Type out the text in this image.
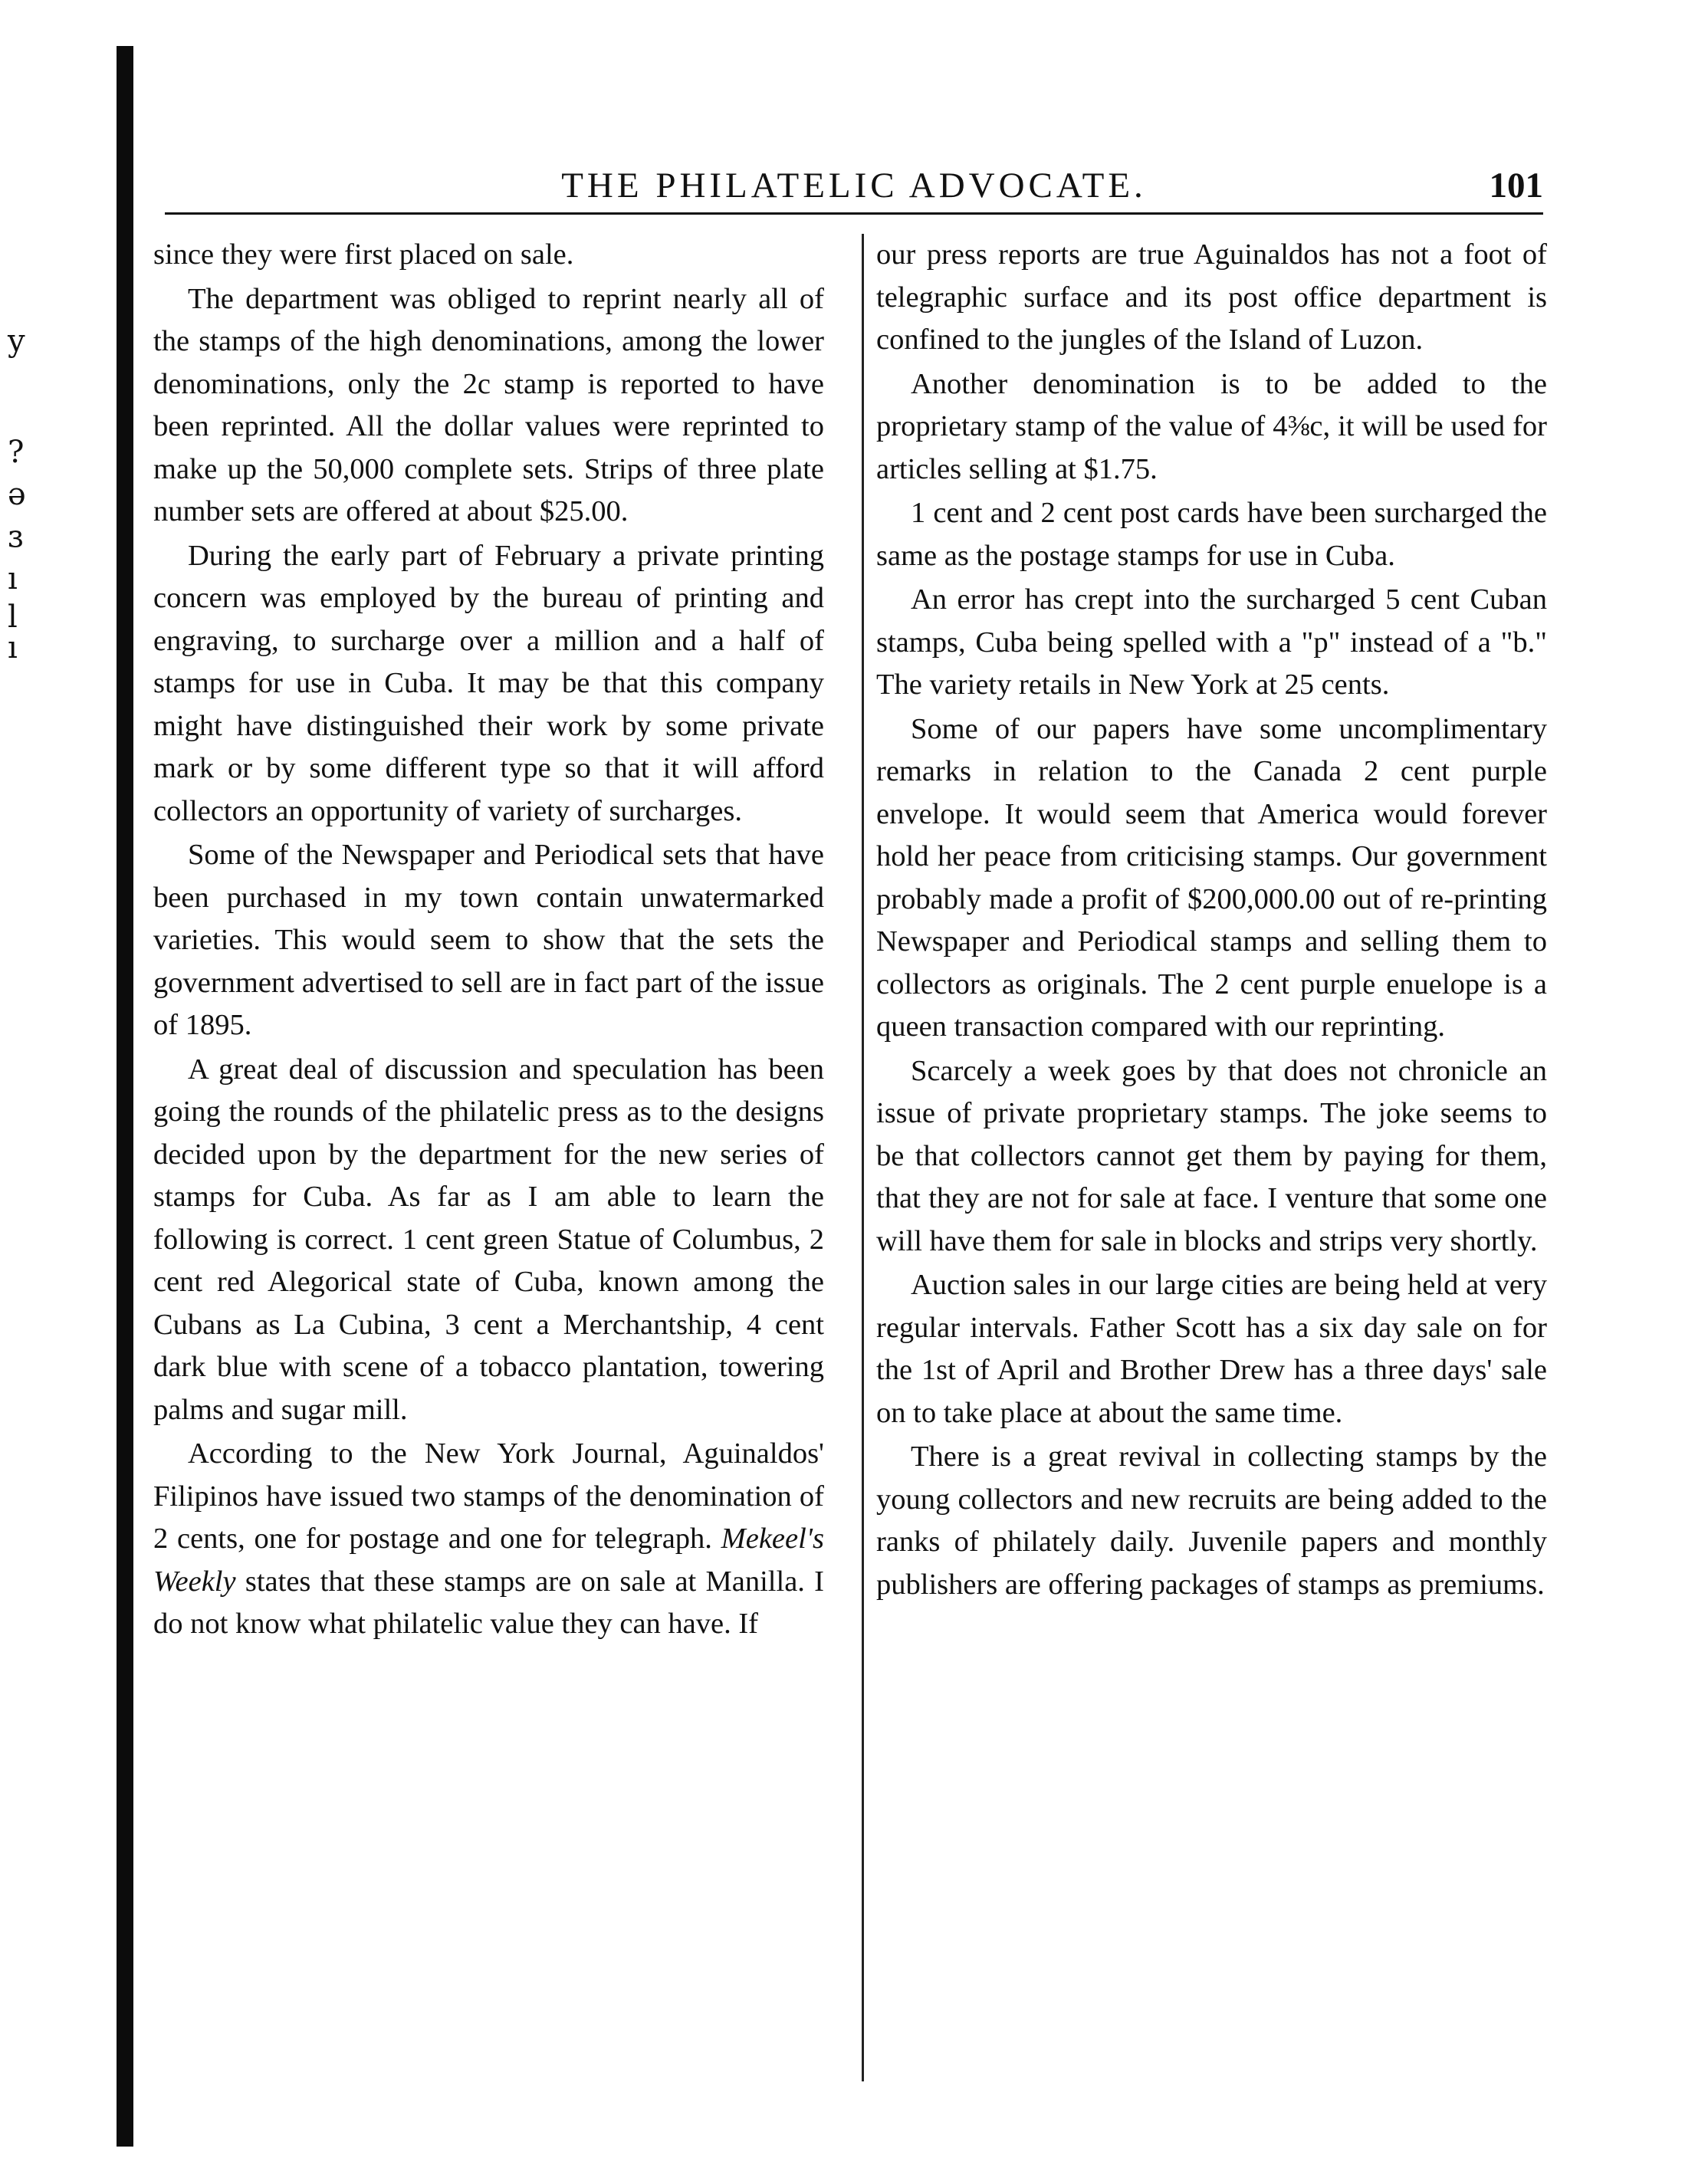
y
?
ə
ɜ
ı
l
ı
THE PHILATELIC ADVOCATE.	101

since they were first placed on sale.

The department was obliged to reprint nearly all of the stamps of the high denominations, among the lower denominations, only the 2c stamp is reported to have been reprinted. All the dollar values were reprinted to make up the 50,000 complete sets. Strips of three plate number sets are offered at about $25.00.

During the early part of February a private printing concern was employed by the bureau of printing and engraving, to surcharge over a million and a half of stamps for use in Cuba. It may be that this company might have distinguished their work by some private mark or by some different type so that it will afford collectors an opportunity of variety of surcharges.

Some of the Newspaper and Periodical sets that have been purchased in my town contain unwatermarked varieties. This would seem to show that the sets the government advertised to sell are in fact part of the issue of 1895.

A great deal of discussion and speculation has been going the rounds of the philatelic press as to the designs decided upon by the department for the new series of stamps for Cuba. As far as I am able to learn the following is correct. 1 cent green Statue of Columbus, 2 cent red Alegorical state of Cuba, known among the Cubans as La Cubina, 3 cent a Merchantship, 4 cent dark blue with scene of a tobacco plantation, towering palms and sugar mill.

According to the New York Journal, Aguinaldos' Filipinos have issued two stamps of the denomination of 2 cents, one for postage and one for telegraph. Mekeel's Weekly states that these stamps are on sale at Manilla. I do not know what philatelic value they can have. If

our press reports are true Aguinaldos has not a foot of telegraphic surface and its post office department is confined to the jungles of the Island of Luzon.

Another denomination is to be added to the proprietary stamp of the value of 4⅜c, it will be used for articles selling at $1.75.

1 cent and 2 cent post cards have been surcharged the same as the postage stamps for use in Cuba.

An error has crept into the surcharged 5 cent Cuban stamps, Cuba being spelled with a "p" instead of a "b." The variety retails in New York at 25 cents.

Some of our papers have some uncomplimentary remarks in relation to the Canada 2 cent purple envelope. It would seem that America would forever hold her peace from criticising stamps. Our government probably made a profit of $200,000.00 out of re-printing Newspaper and Periodical stamps and selling them to collectors as originals. The 2 cent purple enuelope is a queen transaction compared with our reprinting.

Scarcely a week goes by that does not chronicle an issue of private proprietary stamps. The joke seems to be that collectors cannot get them by paying for them, that they are not for sale at face. I venture that some one will have them for sale in blocks and strips very shortly.

Auction sales in our large cities are being held at very regular intervals. Father Scott has a six day sale on for the 1st of April and Brother Drew has a three days' sale on to take place at about the same time.

There is a great revival in collecting stamps by the young collectors and new recruits are being added to the ranks of philately daily. Juvenile papers and monthly publishers are offering packages of stamps as premiums.
